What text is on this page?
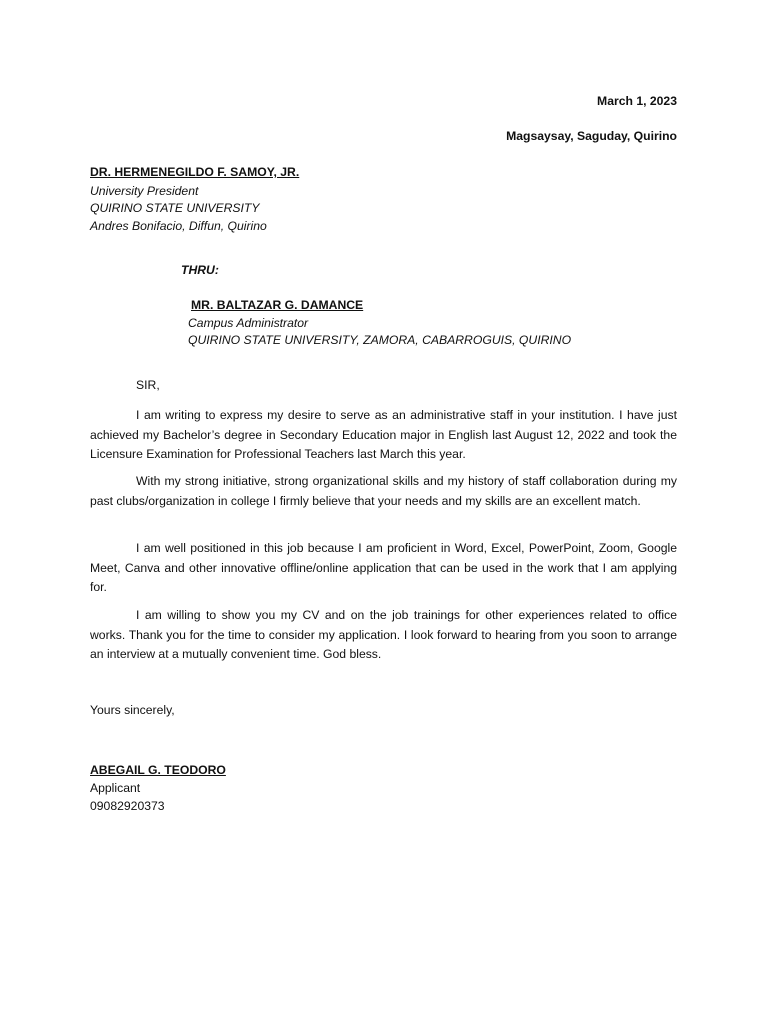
March 1, 2023

Magsaysay, Saguday, Quirino

DR. HERMENEGILDO F. SAMOY, JR.
University President
QUIRINO STATE UNIVERSITY
Andres Bonifacio, Diffun, Quirino

THRU:

MR. BALTAZAR G. DAMANCE
Campus Administrator
QUIRINO STATE UNIVERSITY, ZAMORA, CABARROGUIS, QUIRINO

SIR,

I am writing to express my desire to serve as an administrative staff in your institution. I have just achieved my Bachelor’s degree in Secondary Education major in English last August 12, 2022 and took the Licensure Examination for Professional Teachers last March this year.

With my strong initiative, strong organizational skills and my history of staff collaboration during my past clubs/organization in college I firmly believe that your needs and my skills are an excellent match.

I am well positioned in this job because I am proficient in Word, Excel, PowerPoint, Zoom, Google Meet, Canva and other innovative offline/online application that can be used in the work that I am applying for.

I am willing to show you my CV and on the job trainings for other experiences related to office works. Thank you for the time to consider my application. I look forward to hearing from you soon to arrange an interview at a mutually convenient time. God bless.

Yours sincerely,

ABEGAIL G. TEODORO
Applicant
09082920373
